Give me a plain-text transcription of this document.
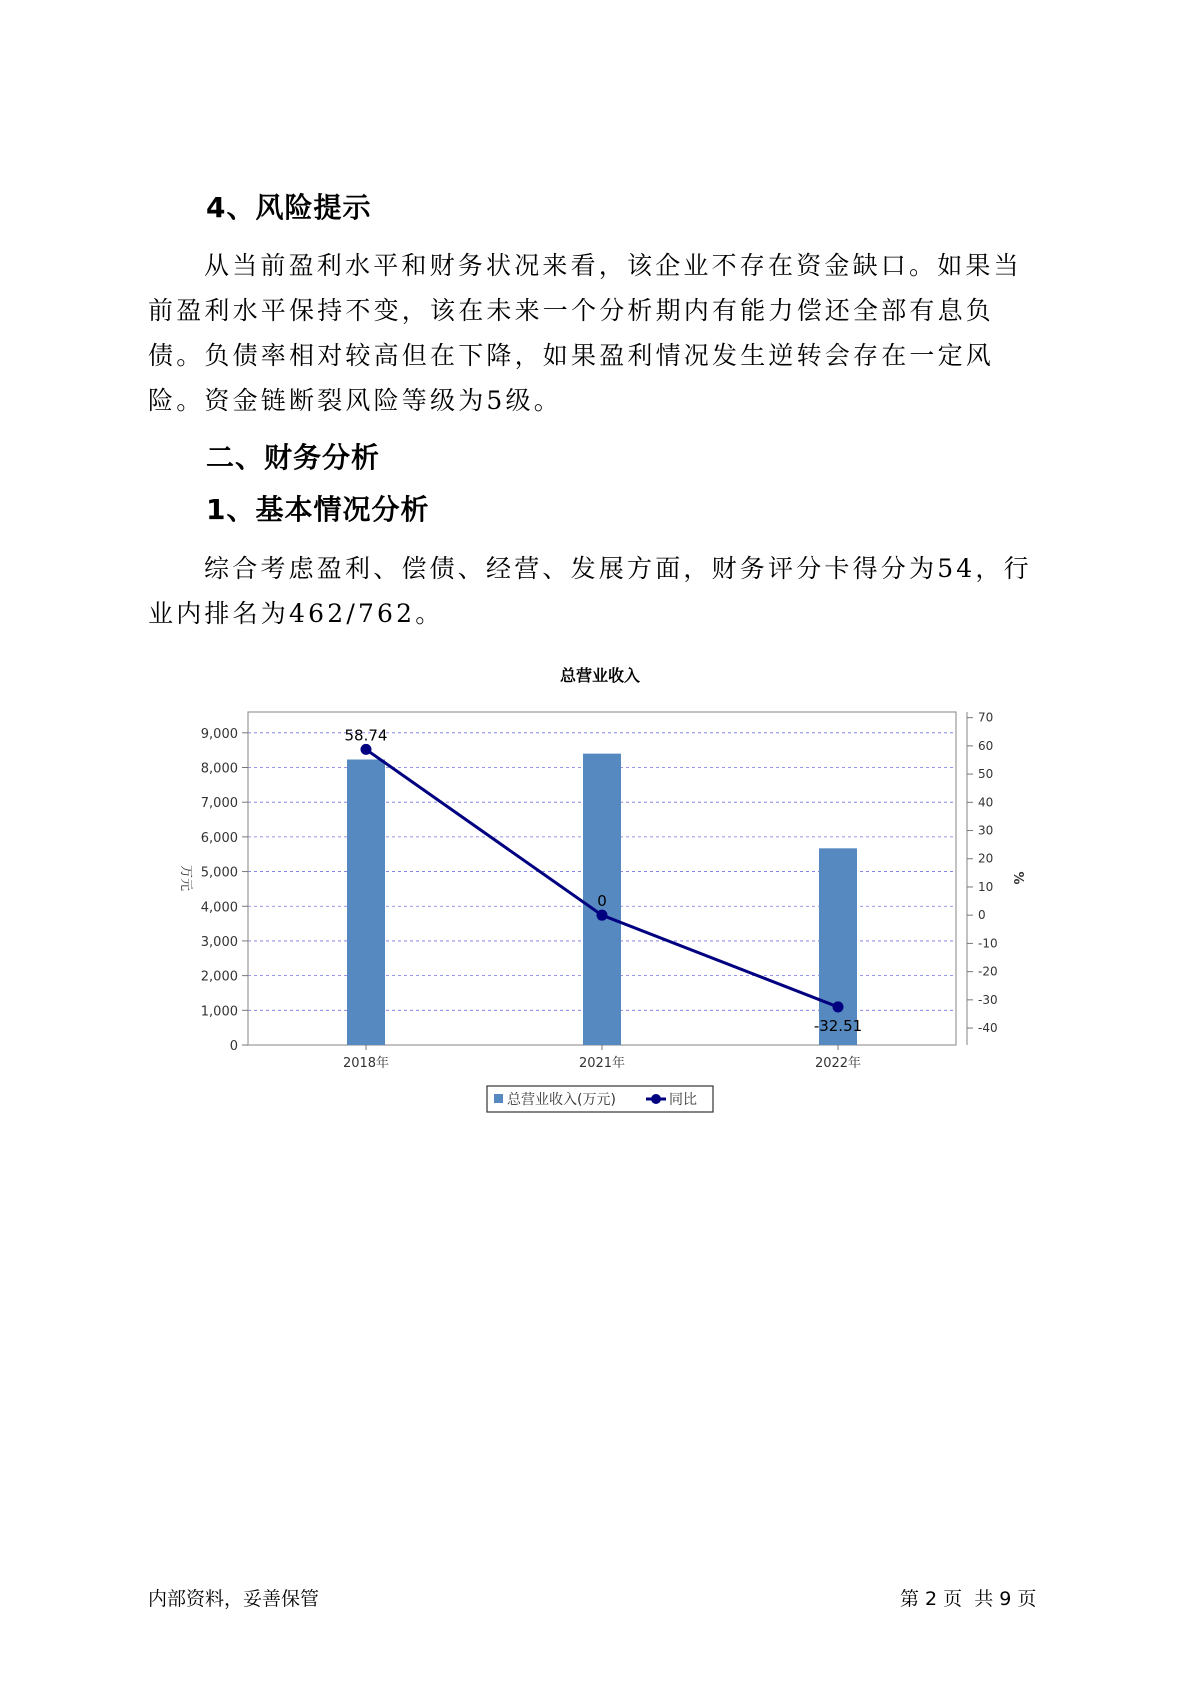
4、风险提示
从当前盈利水平和财务状况来看，该企业不存在资金缺口。如果当前盈利水平保持不变，该在未来一个分析期内有能力偿还全部有息负债。负债率相对较高但在下降，如果盈利情况发生逆转会存在一定风险。资金链断裂风险等级为5级。
二、财务分析
1、基本情况分析
综合考虑盈利、偿债、经营、发展方面，财务评分卡得分为54，行业内排名为462/762。
总营业收入
0
1,000
2,000
3,000
4,000
5,000
6,000
7,000
8,000
9,000
-40
-30
-20
-10
0
10
20
30
40
50
60
70
万元	%
58.74
0
-32.51
2018年	2021年	2022年
总营业收入(万元)	同比
内部资料，妥善保管	第 2 页  共 9 页
